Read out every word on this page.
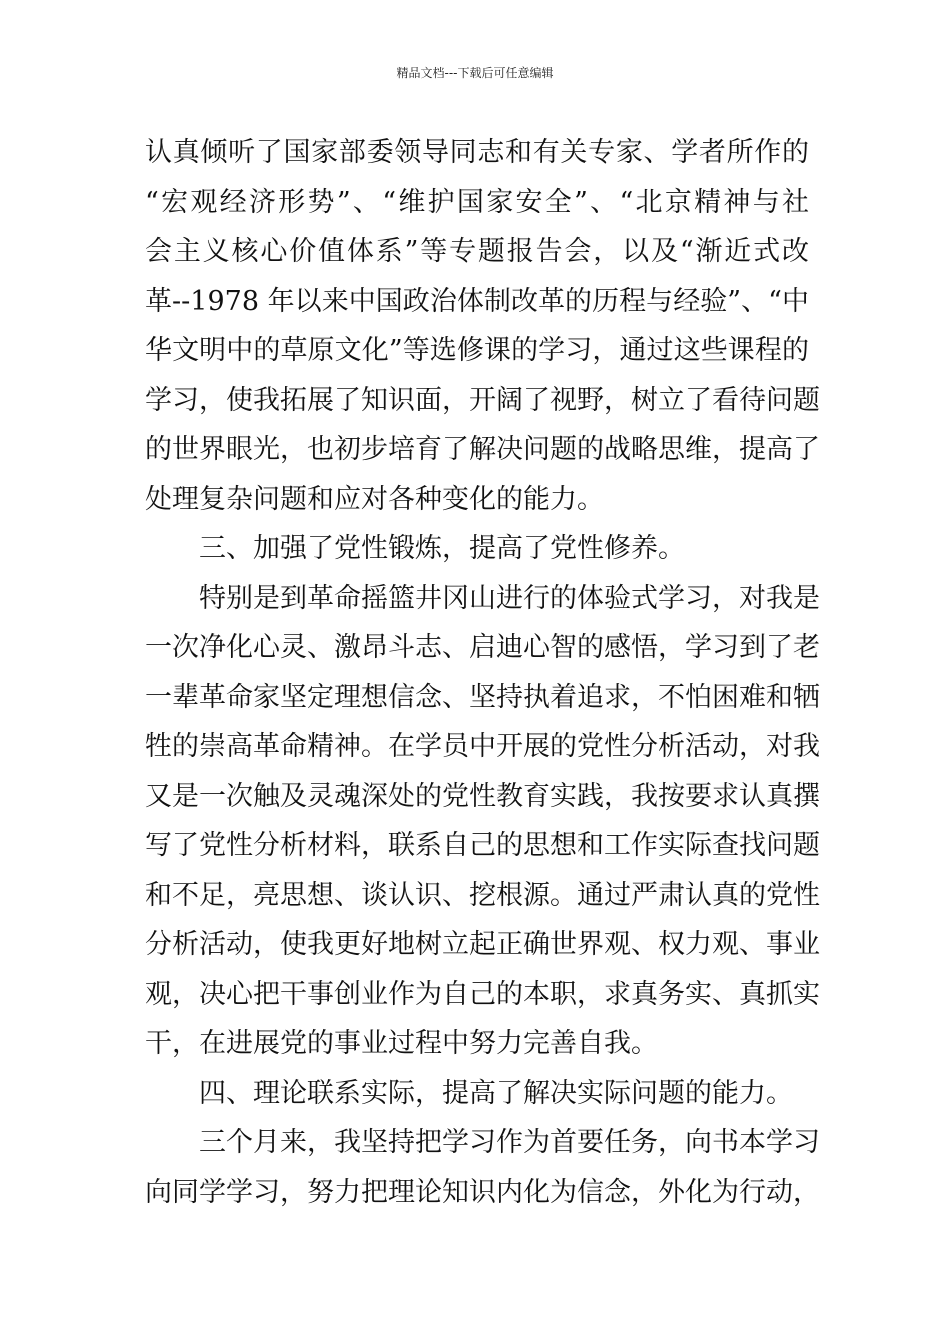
精品文档---下载后可任意编辑
认真倾听了国家部委领导同志和有关专家、学者所作的
“宏观经济形势”、“维护国家安全”、“北京精神与社
会主义核心价值体系”等专题报告会，以及“渐近式改
革--1978 年以来中国政治体制改革的历程与经验”、“中
华文明中的草原文化”等选修课的学习，通过这些课程的
学习，使我拓展了知识面，开阔了视野，树立了看待问题
的世界眼光，也初步培育了解决问题的战略思维，提高了
处理复杂问题和应对各种变化的能力。
三、加强了党性锻炼，提高了党性修养。
特别是到革命摇篮井冈山进行的体验式学习，对我是
一次净化心灵、激昂斗志、启迪心智的感悟，学习到了老
一辈革命家坚定理想信念、坚持执着追求，不怕困难和牺
牲的崇高革命精神。在学员中开展的党性分析活动，对我
又是一次触及灵魂深处的党性教育实践，我按要求认真撰
写了党性分析材料，联系自己的思想和工作实际查找问题
和不足，亮思想、谈认识、挖根源。通过严肃认真的党性
分析活动，使我更好地树立起正确世界观、权力观、事业
观，决心把干事创业作为自己的本职，求真务实、真抓实
干，在进展党的事业过程中努力完善自我。
四、理论联系实际，提高了解决实际问题的能力。
三个月来，我坚持把学习作为首要任务，向书本学习
向同学学习，努力把理论知识内化为信念，外化为行动，
